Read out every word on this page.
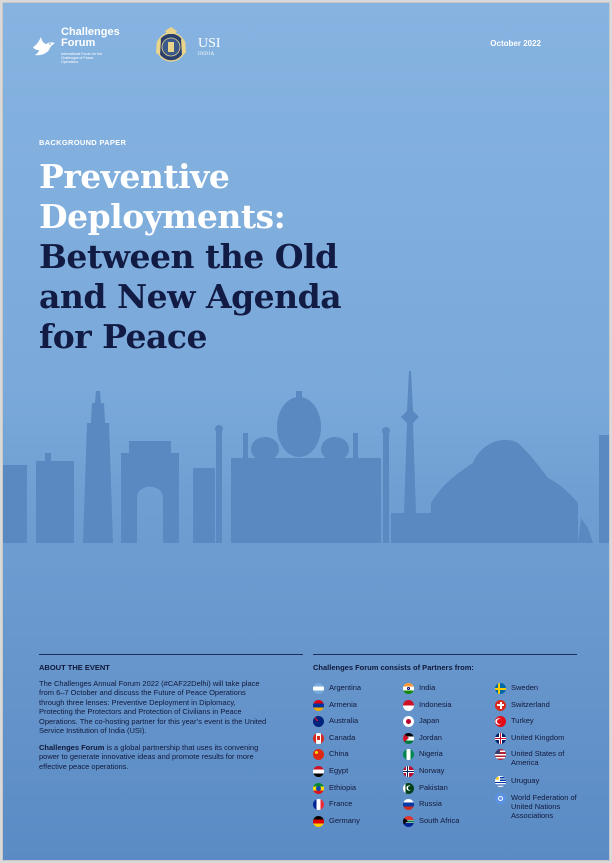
Challenges
Forum
International Forum for the Challenges of Peace Operations
USI
INDIA
October 2022
BACKGROUND PAPER
Preventive
Deployments:
Between the Old
and New Agenda
for Peace
ABOUT THE EVENT

The Challenges Annual Forum 2022 (#CAF22Delhi) will take place from 6–7 October and discuss the Future of Peace Operations through three lenses: Preventive Deployment in Diplomacy, Protecting the Protectors and Protection of Civilians in Peace Operations. The co-hosting partner for this year’s event is the United Service Institution of India (USI).

Challenges Forum is a global partnership that uses its convening power to generate innovative ideas and promote results for more effective peace operations.

Challenges Forum consists of Partners from:
Argentina
Armenia
Australia
Canada
China
Egypt
Ethiopia
France
Germany
India
Indonesia
Japan
Jordan
Nigeria
Norway
Pakistan
Russia
South Africa
Sweden
Switzerland
Turkey
United Kingdom
United States of America
Uruguay
World Federation of United Nations Associations
